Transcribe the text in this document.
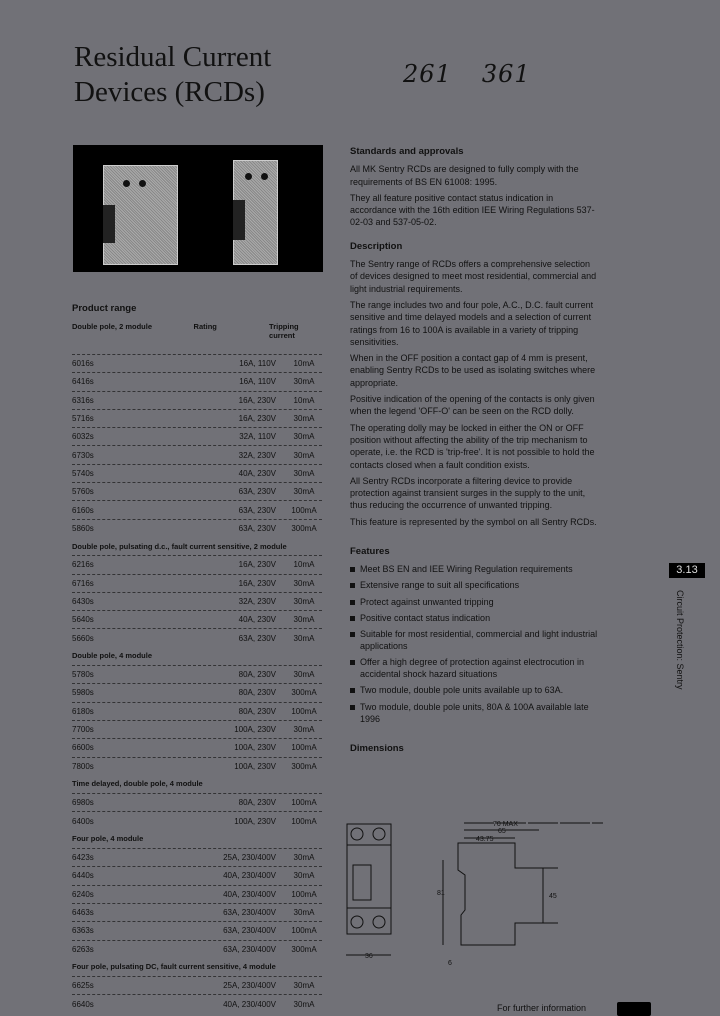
Residual Current
Devices (RCDs)
261 361
Product range
Double pole, 2 module	Rating	Tripping current
6016s	16A, 110V	10mA
6416s	16A, 110V	30mA
6316s	16A, 230V	10mA
5716s	16A, 230V	30mA
6032s	32A, 110V	30mA
6730s	32A, 230V	30mA
5740s	40A, 230V	30mA
5760s	63A, 230V	30mA
6160s	63A, 230V	100mA
5860s	63A, 230V	300mA
Double pole, pulsating d.c., fault current sensitive, 2 module
6216s	16A, 230V	10mA
6716s	16A, 230V	30mA
6430s	32A, 230V	30mA
5640s	40A, 230V	30mA
5660s	63A, 230V	30mA
Double pole, 4 module
5780s	80A, 230V	30mA
5980s	80A, 230V	300mA
6180s	80A, 230V	100mA
7700s	100A, 230V	30mA
6600s	100A, 230V	100mA
7800s	100A, 230V	300mA
Time delayed, double pole, 4 module
6980s	80A, 230V	100mA
6400s	100A, 230V	100mA
Four pole, 4 module
6423s	25A, 230/400V	30mA
6440s	40A, 230/400V	30mA
6240s	40A, 230/400V	100mA
6463s	63A, 230/400V	30mA
6363s	63A, 230/400V	100mA
6263s	63A, 230/400V	300mA
Four pole, pulsating DC, fault current sensitive, 4 module
6625s	25A, 230/400V	30mA
6640s	40A, 230/400V	30mA
Standards and approvals

All MK Sentry RCDs are designed to fully comply with the requirements of BS EN 61008: 1995.

They all feature positive contact status indication in accordance with the 16th edition IEE Wiring Regulations 537-02-03 and 537-05-02.

Description

The Sentry range of RCDs offers a comprehensive selection of devices designed to meet most residential, commercial and light industrial requirements.

The range includes two and four pole, A.C., D.C. fault current sensitive and time delayed models and a selection of current ratings from 16 to 100A is available in a variety of tripping sensitivities.

When in the OFF position a contact gap of 4 mm is present, enabling Sentry RCDs to be used as isolating switches where appropriate.

Positive indication of the opening of the contacts is only given when the legend 'OFF-O' can be seen on the RCD dolly.

The operating dolly may be locked in either the ON or OFF position without affecting the ability of the trip mechanism to operate, i.e. the RCD is 'trip-free'. It is not possible to hold the contacts closed when a fault condition exists.

All Sentry RCDs incorporate a filtering device to provide protection against transient surges in the supply to the unit, thus reducing the occurrence of unwanted tripping.

This feature is represented by the symbol on all Sentry RCDs.

Features
Meet BS EN and IEE Wiring Regulation requirements
Extensive range to suit all specifications
Protect against unwanted tripping
Positive contact status indication
Suitable for most residential, commercial and light industrial applications
Offer a high degree of protection against electrocution in accidental shock hazard situations
Two module, double pole units available up to 63A.
Two module, double pole units, 80A & 100A available late 1996
Dimensions
70 MAX
65
43.75
81	45
6
36
3.13
Circuit Protection: Sentry
For further information
